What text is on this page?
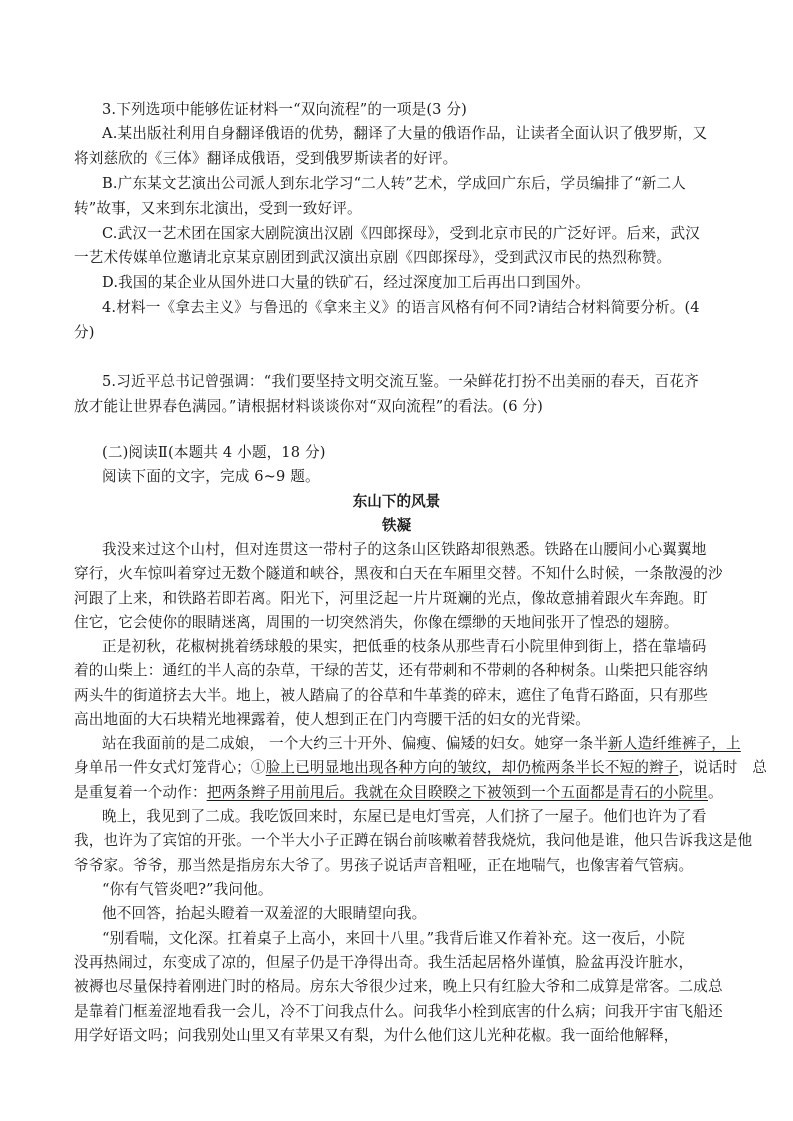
3.下列选项中能够佐证材料一“双向流程”的一项是(3 分)
A.某出版社利用自身翻译俄语的优势，翻译了大量的俄语作品，让读者全面认识了俄罗斯，又
将刘慈欣的《三体》翻译成俄语，受到俄罗斯读者的好评。
B.广东某文艺演出公司派人到东北学习“二人转”艺术，学成回广东后，学员编排了“新二人
转”故事，又来到东北演出，受到一致好评。
C.武汉一艺术团在国家大剧院演出汉剧《四郎探母》，受到北京市民的广泛好评。后来，武汉
一艺术传媒单位邀请北京某京剧团到武汉演出京剧《四郎探母》，受到武汉市民的热烈称赞。
D.我国的某企业从国外进口大量的铁矿石，经过深度加工后再出口到国外。
4.材料一《拿去主义》与鲁迅的《拿来主义》的语言风格有何不同?请结合材料简要分析。(4
分)
5.习近平总书记曾强调：“我们要坚持文明交流互鉴。一朵鲜花打扮不出美丽的春天，百花齐
放才能让世界春色满园。”请根据材料谈谈你对“双向流程”的看法。(6 分)
(二)阅读Ⅱ(本题共 4 小题，18 分)
阅读下面的文字，完成 6~9 题。
东山下的风景
铁凝
我没来过这个山村，但对连贯这一带村子的这条山区铁路却很熟悉。铁路在山腰间小心翼翼地
穿行，火车惊叫着穿过无数个隧道和峡谷，黑夜和白天在车厢里交替。不知什么时候，一条散漫的沙
河跟了上来，和铁路若即若离。阳光下，河里泛起一片片斑斓的光点，像故意捕着跟火车奔跑。盯
住它，它会使你的眼睛迷离，周围的一切突然消失，你像在缥缈的天地间张开了惶恐的翅膀。
正是初秋，花椒树挑着绣球般的果实，把低垂的枝条从那些青石小院里伸到街上，搭在靠墙码
着的山柴上：通红的半人高的杂草，干绿的苦艾，还有带刺和不带刺的各种树条。山柴把只能容纳
两头牛的街道挤去大半。地上，被人踏扁了的谷草和牛革粪的碎末，遮住了龟背石路面，只有那些
高出地面的大石块精光地裸露着，使人想到正在门内弯腰干活的妇女的光背梁。
站在我面前的是二成娘， 一个大约三十开外、偏瘦、偏矮的妇女。她穿一条半新人造纤维裤子，上
身单吊一件女式灯笼背心；①脸上已明显地出现各种方向的皱纹，却仍梳两条半长不短的辫子，说话时　总
是重复着一个动作：把两条辫子用前甩后。我就在众目睽睽之下被领到一个五面都是青石的小院里。
晚上，我见到了二成。我吃饭回来时，东屋已是电灯雪亮，人们挤了一屋子。他们也许为了看
我，也许为了宾馆的开张。一个半大小子正蹲在锅台前咳嗽着替我烧炕，我问他是谁，他只告诉我这是他
爷爷家。爷爷，那当然是指房东大爷了。男孩子说话声音粗哑，正在地喘气，也像害着气管病。
“你有气管炎吧?”我问他。
他不回答，抬起头瞪着一双羞涩的大眼睛望向我。
“别看喘，文化深。扛着桌子上高小，来回十八里。”我背后谁又作着补充。这一夜后，小院
没再热闹过，东变成了凉的，但屋子仍是干净得出奇。我生活起居格外谨慎，脸盆再没许脏水，
被褥也尽量保持着刚进门时的格局。房东大爷很少过来，晚上只有红脸大爷和二成算是常客。二成总
是靠着门框羞涩地看我一会儿，冷不丁问我点什么。问我华小栓到底害的什么病；问我开宇宙飞船还
用学好语文吗；问我别处山里又有苹果又有梨，为什么他们这儿光种花椒。我一面给他解释，
